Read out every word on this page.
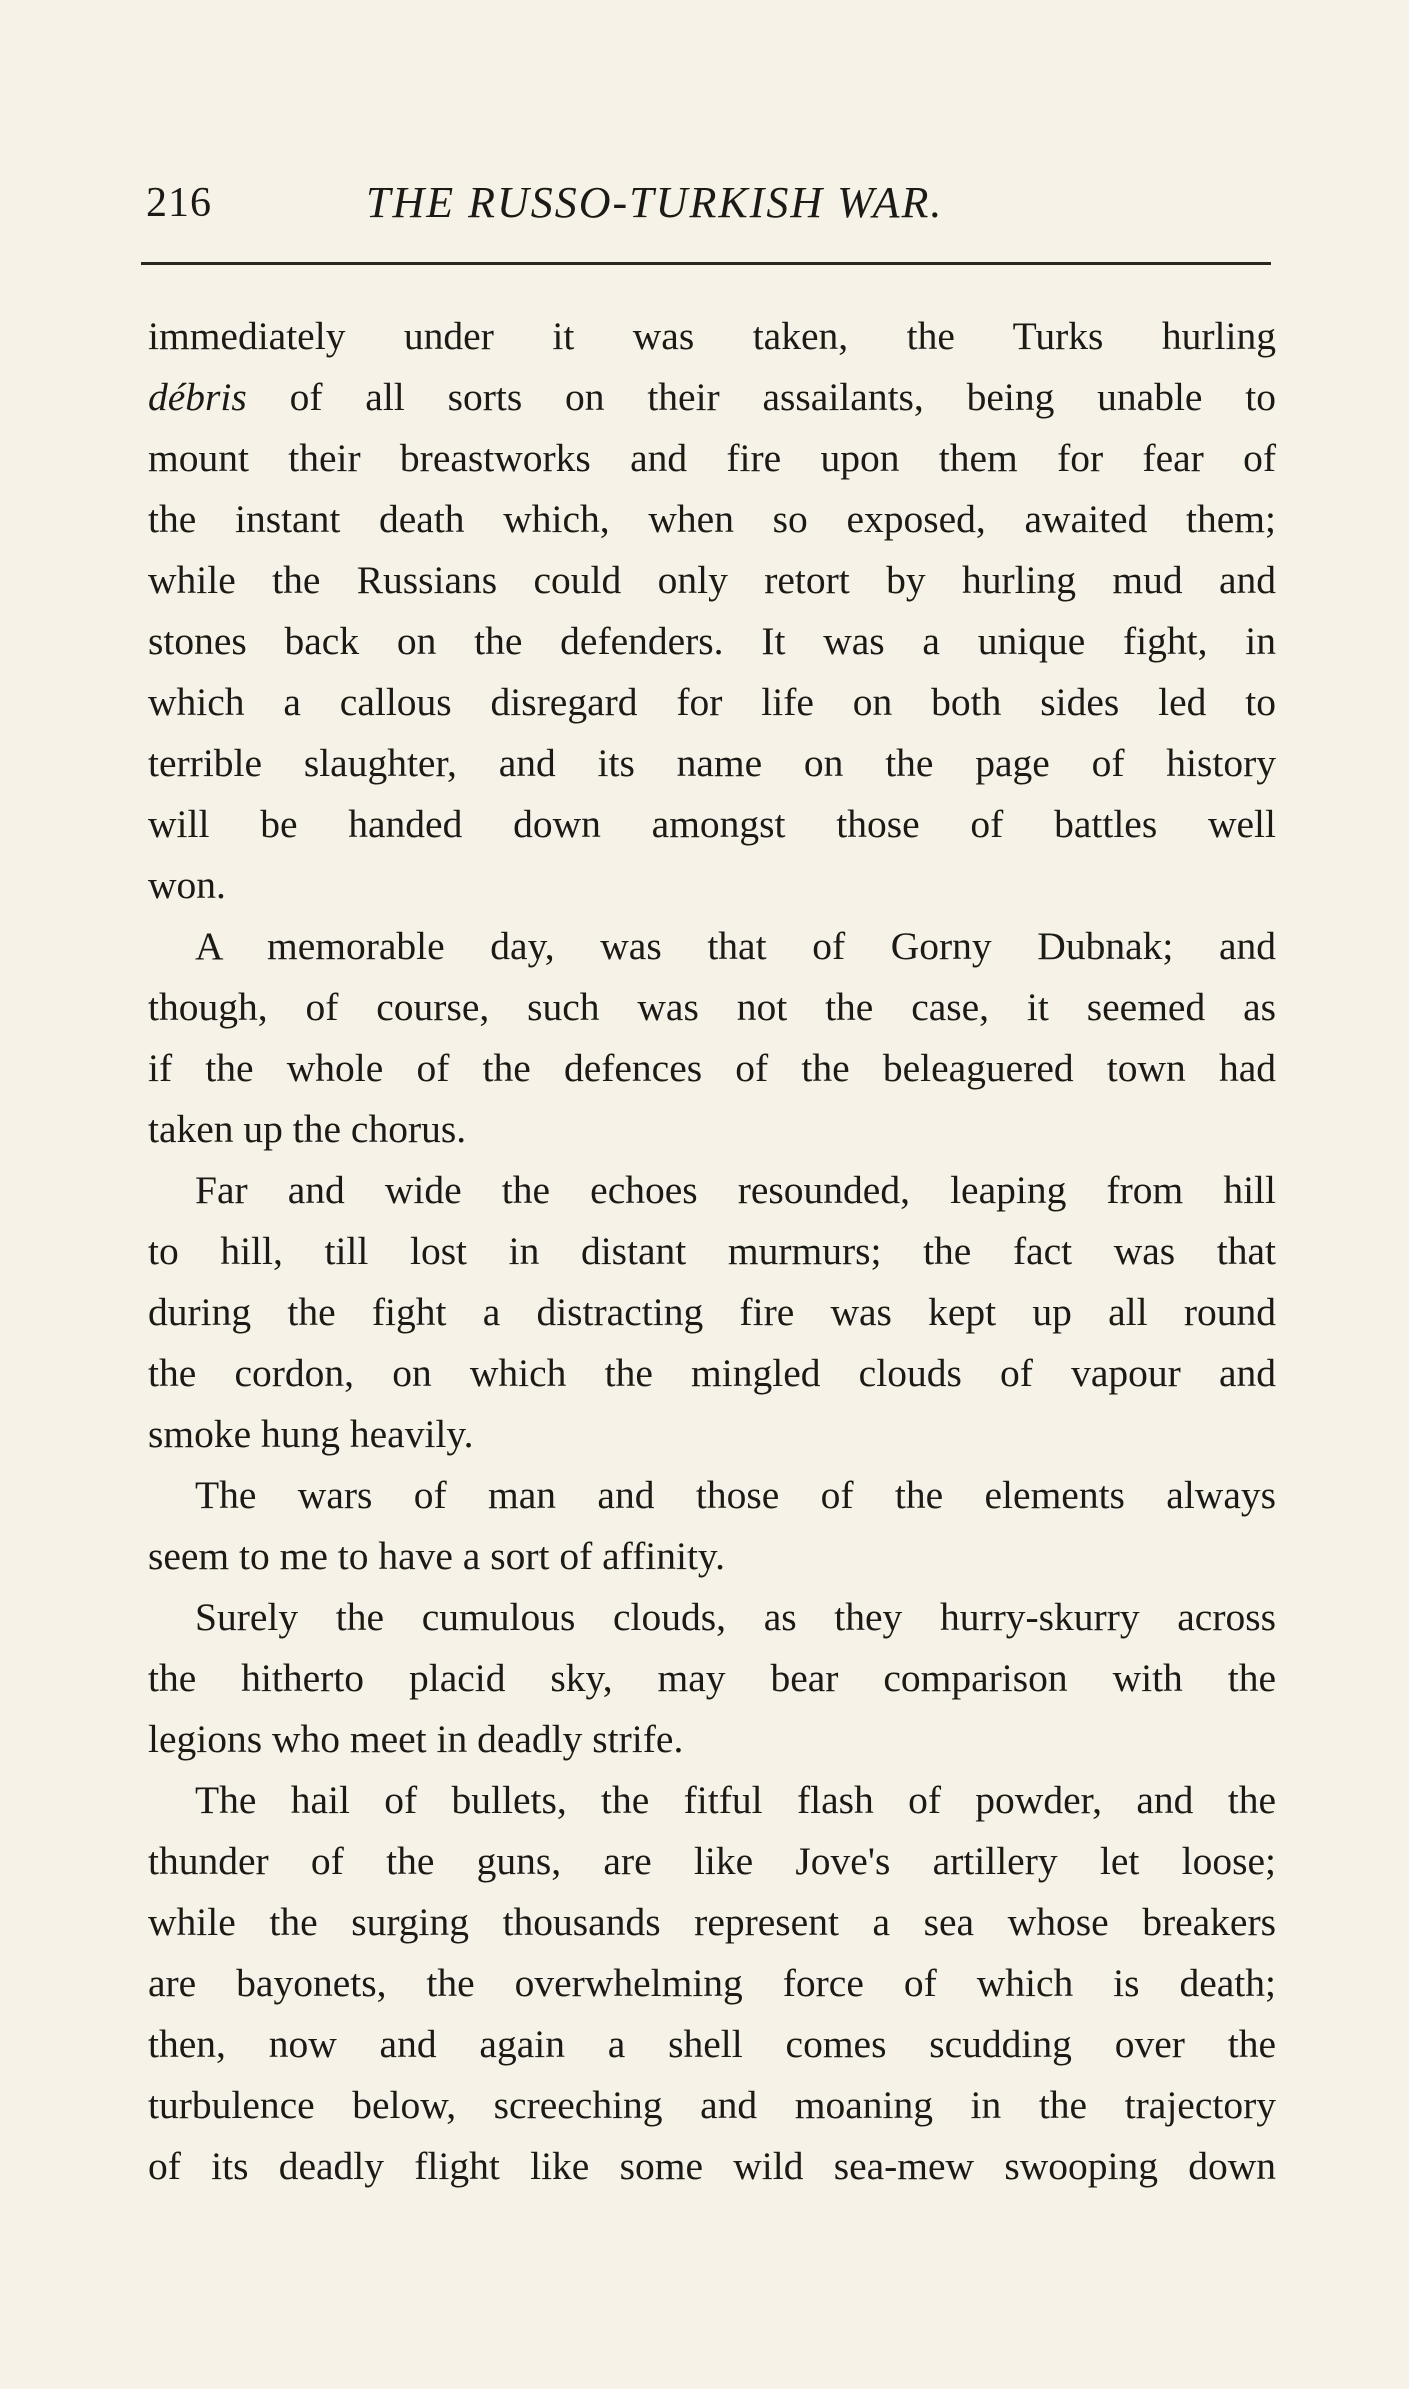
216	THE RUSSO-TURKISH WAR.
immediately under it was taken, the Turks hurling
débris of all sorts on their assailants, being unable to
mount their breastworks and fire upon them for fear of
the instant death which, when so exposed, awaited them;
while the Russians could only retort by hurling mud and
stones back on the defenders. It was a unique fight, in
which a callous disregard for life on both sides led to
terrible slaughter, and its name on the page of history
will be handed down amongst those of battles well
won.
A memorable day, was that of Gorny Dubnak; and
though, of course, such was not the case, it seemed as
if the whole of the defences of the beleaguered town had
taken up the chorus.
Far and wide the echoes resounded, leaping from hill
to hill, till lost in distant murmurs; the fact was that
during the fight a distracting fire was kept up all round
the cordon, on which the mingled clouds of vapour and
smoke hung heavily.
The wars of man and those of the elements always
seem to me to have a sort of affinity.
Surely the cumulous clouds, as they hurry-skurry across
the hitherto placid sky, may bear comparison with the
legions who meet in deadly strife.
The hail of bullets, the fitful flash of powder, and the
thunder of the guns, are like Jove's artillery let loose;
while the surging thousands represent a sea whose breakers
are bayonets, the overwhelming force of which is death;
then, now and again a shell comes scudding over the
turbulence below, screeching and moaning in the trajectory
of its deadly flight like some wild sea-mew swooping down
